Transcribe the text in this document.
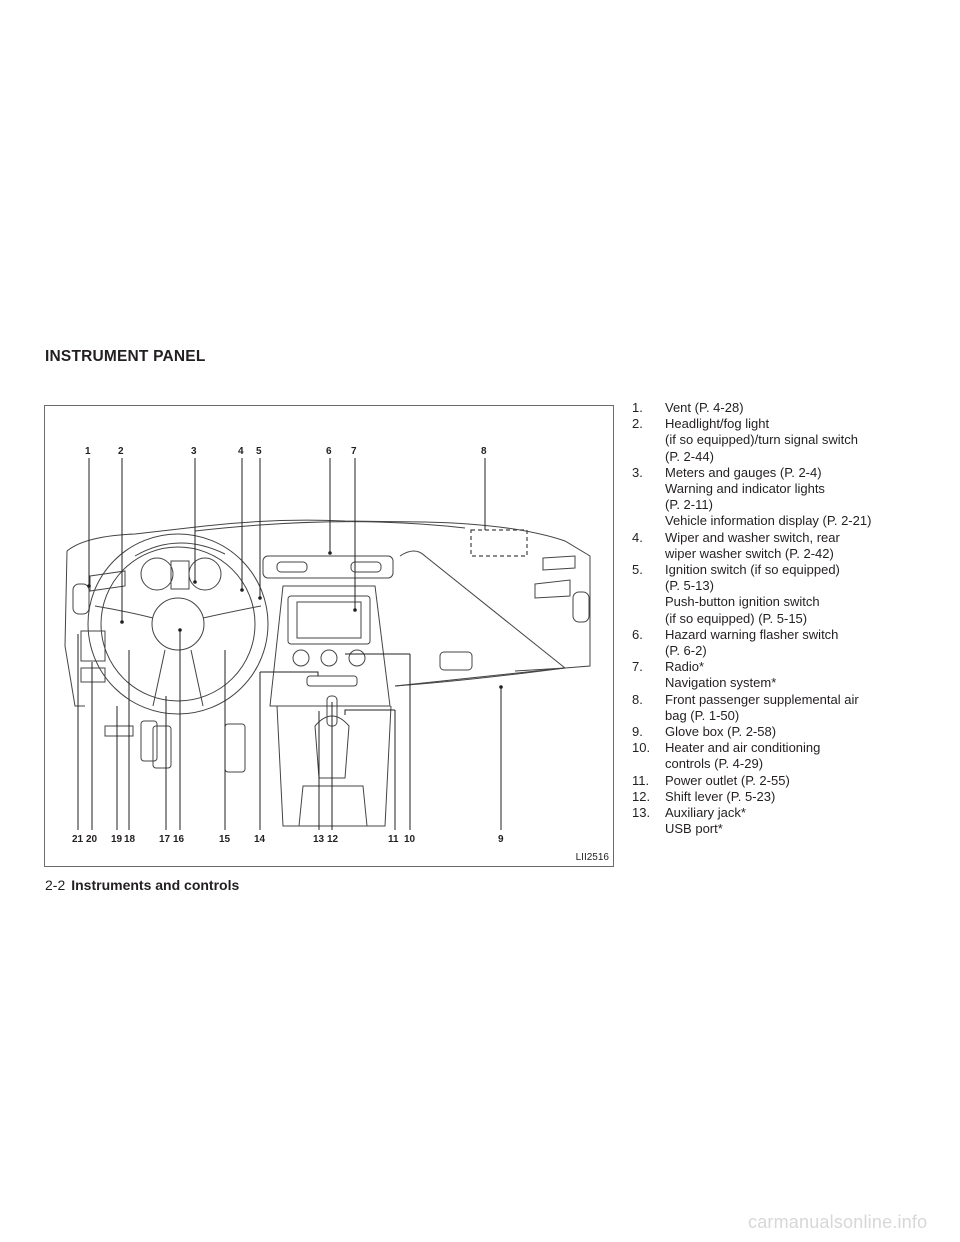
INSTRUMENT PANEL
1	2	3	4 5	6 7	8
21 20 19 18 17 16	15 14	13 12	11 10	9
LII2516
1. Vent (P. 4-28)
2. Headlight/fog light
(if so equipped)/turn signal switch
(P. 2-44)
3. Meters and gauges (P. 2-4)
Warning and indicator lights
(P. 2-11)
Vehicle information display (P. 2-21)
4. Wiper and washer switch, rear
wiper washer switch (P. 2-42)
5. Ignition switch (if so equipped)
(P. 5-13)
Push-button ignition switch
(if so equipped) (P. 5-15)
6. Hazard warning flasher switch
(P. 6-2)
7. Radio*
Navigation system*
8. Front passenger supplemental air
bag (P. 1-50)
9. Glove box (P. 2-58)
10. Heater and air conditioning
controls (P. 4-29)
11. Power outlet (P. 2-55)
12. Shift lever (P. 5-23)
13. Auxiliary jack*
USB port*
2-2 Instruments and controls
carmanualsonline.info
